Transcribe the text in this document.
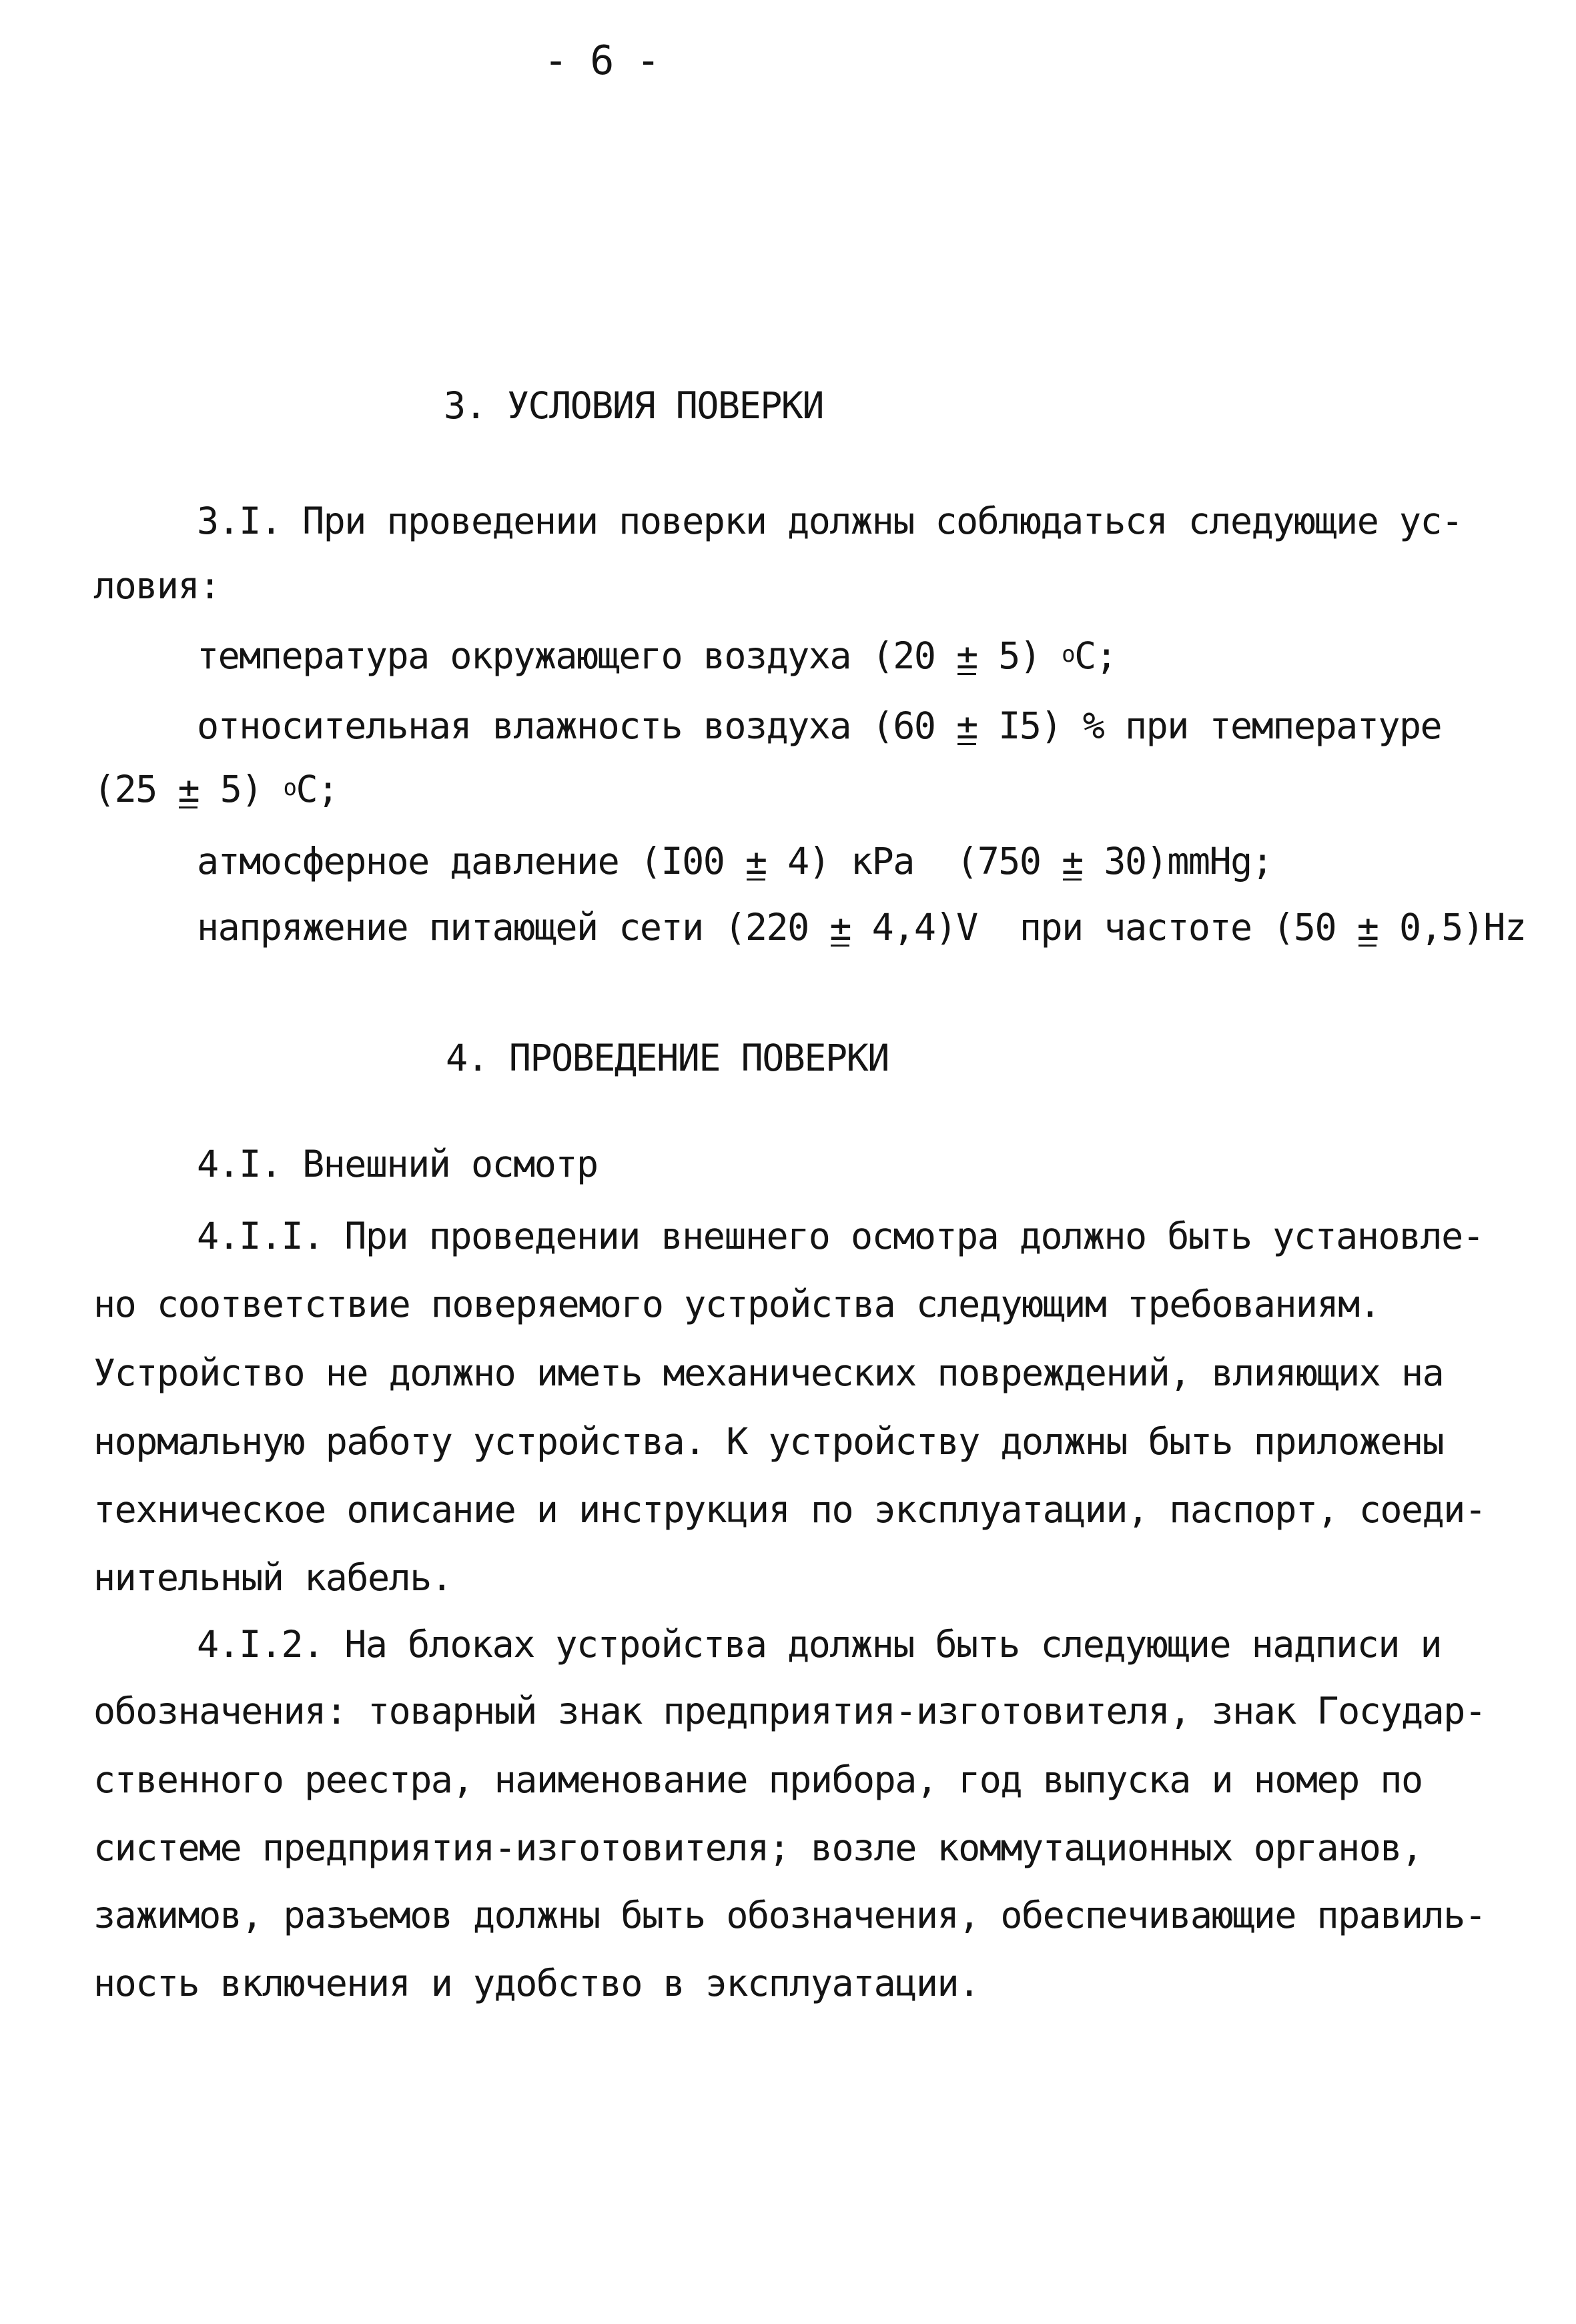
- 6 -
3. УСЛОВИЯ ПОВЕРКИ
3.I. При проведении поверки должны соблюдаться следующие ус-
ловия:
температура окружающего воздуха (20 ± 5) $^о$С;
относительная влажность воздуха (60 ± I5) % при температуре
(25 ± 5) $^о$С;
атмосферное давление (I00 ± 4) кРа  (750 ± 30)mmHg;
напряжение питающей сети (220 ± 4,4)V  при частоте (50 ± 0,5)Hz
4. ПРОВЕДЕНИЕ ПОВЕРКИ
4.I. Внешний осмотр
4.I.I. При проведении внешнего осмотра должно быть установле-
но соответствие поверяемого устройства следующим требованиям.
Устройство не должно иметь механических повреждений, влияющих на
нормальную работу устройства. К устройству должны быть приложены
техническое описание и инструкция по эксплуатации, паспорт, соеди-
нительный кабель.
4.I.2. На блоках устройства должны быть следующие надписи и
обозначения: товарный знак предприятия-изготовителя, знак Государ-
ственного реестра, наименование прибора, год выпуска и номер по
системе предприятия-изготовителя; возле коммутационных органов,
зажимов, разъемов должны быть обозначения, обеспечивающие правиль-
ность включения и удобство в эксплуатации.
